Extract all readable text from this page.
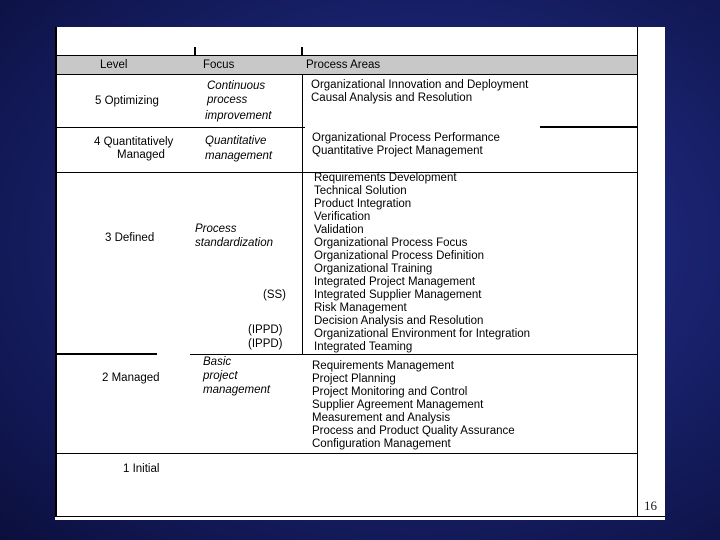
Level	Focus	Process Areas
5 Optimizing
Continuous
process
improvement
Organizational Innovation and Deployment
Causal Analysis and Resolution
4 Quantitatively
Managed
Quantitative
management
Organizational Process Performance
Quantitative Project Management
3 Defined
Process
standardization
(SS)
(IPPD)
(IPPD)
Requirements Development
Technical Solution
Product Integration
Verification
Validation
Organizational Process Focus
Organizational Process Definition
Organizational Training
Integrated Project Management
Integrated Supplier Management
Risk Management
Decision Analysis and Resolution
Organizational Environment for Integration
Integrated Teaming
2 Managed
Basic
project
management
Requirements Management
Project Planning
Project Monitoring and Control
Supplier Agreement Management
Measurement and Analysis
Process and Product Quality Assurance
Configuration Management
1 Initial
16
